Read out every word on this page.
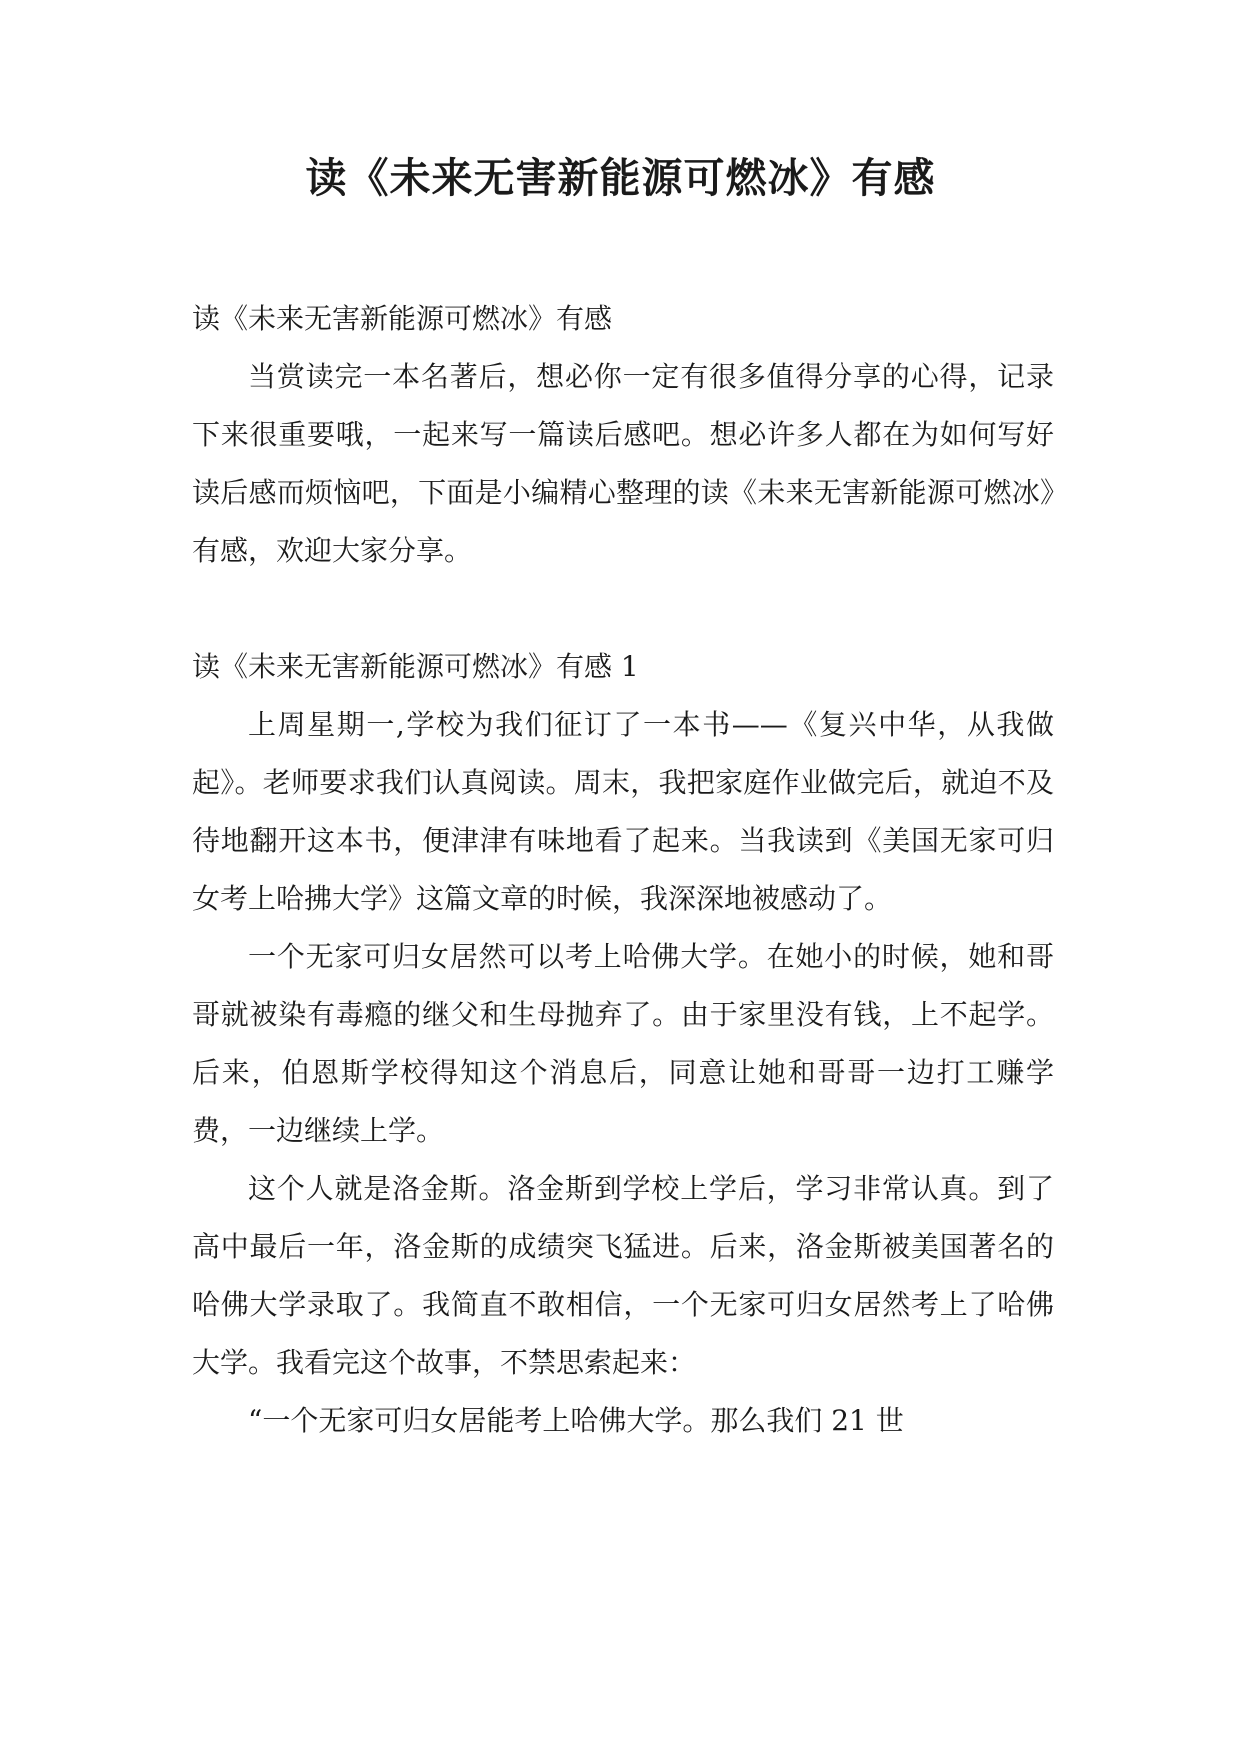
读《未来无害新能源可燃冰》有感

读《未来无害新能源可燃冰》有感

当赏读完一本名著后，想必你一定有很多值得分享的心得，记录下来很重要哦，一起来写一篇读后感吧。想必许多人都在为如何写好读后感而烦恼吧，下面是小编精心整理的读《未来无害新能源可燃冰》有感，欢迎大家分享。

读《未来无害新能源可燃冰》有感 1

上周星期一,学校为我们征订了一本书——《复兴中华，从我做起》。老师要求我们认真阅读。周末，我把家庭作业做完后，就迫不及待地翻开这本书，便津津有味地看了起来。当我读到《美国无家可归女考上哈拂大学》这篇文章的时候，我深深地被感动了。

一个无家可归女居然可以考上哈佛大学。在她小的时候，她和哥哥就被染有毒瘾的继父和生母抛弃了。由于家里没有钱，上不起学。后来，伯恩斯学校得知这个消息后，同意让她和哥哥一边打工赚学费，一边继续上学。

这个人就是洛金斯。洛金斯到学校上学后，学习非常认真。到了高中最后一年，洛金斯的成绩突飞猛进。后来，洛金斯被美国著名的哈佛大学录取了。我简直不敢相信，一个无家可归女居然考上了哈佛大学。我看完这个故事，不禁思索起来：

“一个无家可归女居能考上哈佛大学。那么我们 21 世
